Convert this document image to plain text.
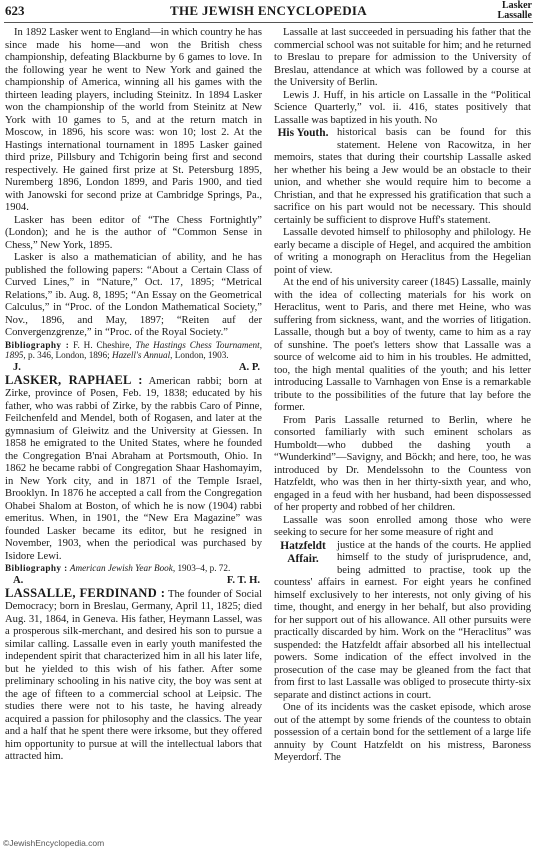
623	THE JEWISH ENCYCLOPEDIA	Lasker
Lassalle

In 1892 Lasker went to England—in which country he has since made his home—and won the British chess championship, defeating Blackburne by 6 games to love. In the following year he went to New York and gained the championship of America, winning all his games with the thirteen leading players, including Steinitz. In 1894 Lasker won the championship of the world from Steinitz at New York with 10 games to 5, and at the return match in Moscow, in 1896, his score was: won 10; lost 2. At the Hastings international tournament in 1895 Lasker gained third prize, Pillsbury and Tchigorin being first and second respectively. He gained first prize at St. Petersburg 1895, Nuremberg 1896, London 1899, and Paris 1900, and tied with Janowski for second prize at Cambridge Springs, Pa., 1904.

Lasker has been editor of “The Chess Fortnightly” (London); and he is the author of “Common Sense in Chess,” New York, 1895.

Lasker is also a mathematician of ability, and he has published the following papers: “About a Certain Class of Curved Lines,” in “Nature,” Oct. 17, 1895; “Metrical Relations,” ib. Aug. 8, 1895; “An Essay on the Geometrical Calculus,” in “Proc. of the London Mathematical Society,” Nov., 1896, and May, 1897; “Reiten auf der Convergenzgrenze,” in “Proc. of the Royal Society.”

Bibliography : F. H. Cheshire, The Hastings Chess Tournament, 1895, p. 346, London, 1896; Hazell's Annual, London, 1903.

J.	A. P.

LASKER, RAPHAEL : American rabbi; born at Zirke, province of Posen, Feb. 19, 1838; educated by his father, who was rabbi of Zirke, by the rabbis Caro of Pinne, Feilchenfeld and Mendel, both of Rogasen, and later at the gymnasium of Gleiwitz and the University at Giessen. In 1858 he emigrated to the United States, where he founded the Congregation B'nai Abraham at Portsmouth, Ohio. In 1862 he became rabbi of Congregation Shaar Hashomayim, in New York city, and in 1871 of the Temple Israel, Brooklyn. In 1876 he accepted a call from the Congregation Ohabei Shalom at Boston, of which he is now (1904) rabbi emeritus. When, in 1901, the “New Era Magazine” was founded Lasker became its editor, but he resigned in November, 1903, when the periodical was purchased by Isidore Lewi.

Bibliography : American Jewish Year Book, 1903–4, p. 72.

A.	F. T. H.

LASSALLE, FERDINAND : The founder of Social Democracy; born in Breslau, Germany, April 11, 1825; died Aug. 31, 1864, in Geneva. His father, Heymann Lassel, was a prosperous silk-merchant, and desired his son to pursue a similar calling. Lassalle even in early youth manifested the independent spirit that characterized him in all his later life, but he yielded to this wish of his father. After some preliminary schooling in his native city, the boy was sent at the age of fifteen to a commercial school at Leipsic. The studies there were not to his taste, he having already acquired a passion for philosophy and the classics. The year and a half that he spent there were irksome, but they offered him opportunity to pursue at will the intellectual labors that attracted him.

Lassalle at last succeeded in persuading his father that the commercial school was not suitable for him; and he returned to Breslau to prepare for admission to the University of Breslau, attendance at which was followed by a course at the University of Berlin.

Lewis J. Huff, in his article on Lassalle in the “Political Science Quarterly,” vol. ii. 416, states positively that Lassalle was baptized in his youth. No

His Youth. historical basis can be found for this statement. Helene von Racowitza, in her memoirs, states that during their courtship Lassalle asked her whether his being a Jew would be an obstacle to their union, and whether she would require him to become a Christian, and that he expressed his gratification that such a sacrifice on his part would not be necessary. This should certainly be sufficient to disprove Huff's statement.

Lassalle devoted himself to philosophy and philology. He early became a disciple of Hegel, and acquired the ambition of writing a monograph on Heraclitus from the Hegelian point of view.

At the end of his university career (1845) Lassalle, mainly with the idea of collecting materials for his work on Heraclitus, went to Paris, and there met Heine, who was suffering from sickness, want, and the worries of litigation. Lassalle, though but a boy of twenty, came to him as a ray of sunshine. The poet's letters show that Lassalle was a source of welcome aid to him in his troubles. He admitted, too, the high mental qualities of the youth; and his letter introducing Lassalle to Varnhagen von Ense is a remarkable tribute to the possibilities of the future that lay before the former.

From Paris Lassalle returned to Berlin, where he consorted familiarly with such eminent scholars as Humboldt—who dubbed the dashing youth a “Wunderkind”—Savigny, and Böckh; and here, too, he was introduced by Dr. Mendelssohn to the Countess von Hatzfeldt, who was then in her thirty-sixth year, and who, engaged in a feud with her husband, had been dispossessed of her property and robbed of her children.

Lassalle was soon enrolled among those who were seeking to secure for her some measure of right and

Hatzfeldt Affair.

justice at the hands of the courts. He applied himself to the study of jurisprudence, and, being admitted to practise, took up the countess' affairs in earnest. For eight years he confined himself exclusively to her interests, not only giving of his time, thought, and energy in her behalf, but also providing for her support out of his allowance. All other pursuits were practically discarded by him. Work on the “Heraclitus” was suspended: the Hatzfeldt affair absorbed all his intellectual powers. Some indication of the effect involved in the prosecution of the case may be gleaned from the fact that from first to last Lassalle was obliged to prosecute thirty-six separate and distinct actions in court.

One of its incidents was the casket episode, which arose out of the attempt by some friends of the countess to obtain possession of a certain bond for the settlement of a large life annuity by Count Hatzfeldt on his mistress, Baroness Meyerdorf. The

©JewishEncyclopedia.com
